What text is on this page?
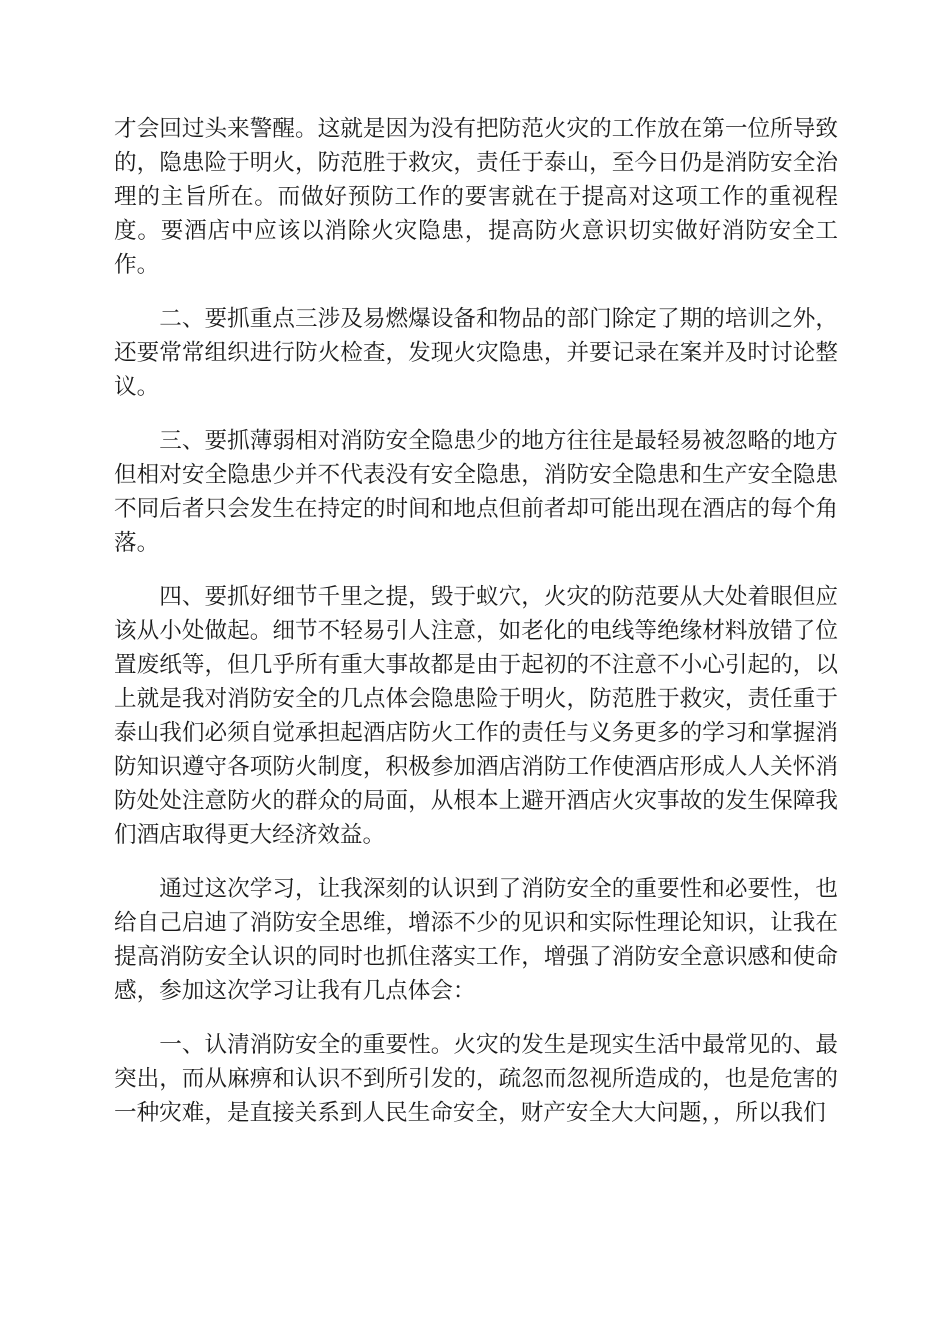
才会回过头来警醒。这就是因为没有把防范火灾的工作放在第一位所导致的，隐患险于明火，防范胜于救灾，责任于泰山，至今日仍是消防安全治理的主旨所在。而做好预防工作的要害就在于提高对这项工作的重视程度。要酒店中应该以消除火灾隐患，提高防火意识切实做好消防安全工作。

二、要抓重点三涉及易燃爆设备和物品的部门除定了期的培训之外，还要常常组织进行防火检查，发现火灾隐患，并要记录在案并及时讨论整议。

三、要抓薄弱相对消防安全隐患少的地方往往是最轻易被忽略的地方但相对安全隐患少并不代表没有安全隐患，消防安全隐患和生产安全隐患不同后者只会发生在持定的时间和地点但前者却可能出现在酒店的每个角落。

四、要抓好细节千里之提，毁于蚁穴，火灾的防范要从大处着眼但应该从小处做起。细节不轻易引人注意，如老化的电线等绝缘材料放错了位置废纸等，但几乎所有重大事故都是由于起初的不注意不小心引起的，以上就是我对消防安全的几点体会隐患险于明火，防范胜于救灾，责任重于泰山我们必须自觉承担起酒店防火工作的责任与义务更多的学习和掌握消防知识遵守各项防火制度，积极参加酒店消防工作使酒店形成人人关怀消防处处注意防火的群众的局面，从根本上避开酒店火灾事故的发生保障我们酒店取得更大经济效益。

通过这次学习，让我深刻的认识到了消防安全的重要性和必要性，也给自己启迪了消防安全思维，增添不少的见识和实际性理论知识，让我在提高消防安全认识的同时也抓住落实工作，增强了消防安全意识感和使命感，参加这次学习让我有几点体会：

一、认清消防安全的重要性。火灾的发生是现实生活中最常见的、最突出，而从麻痹和认识不到所引发的，疏忽而忽视所造成的，也是危害的一种灾难，是直接关系到人民生命安全，财产安全大大问题，，所以我们
